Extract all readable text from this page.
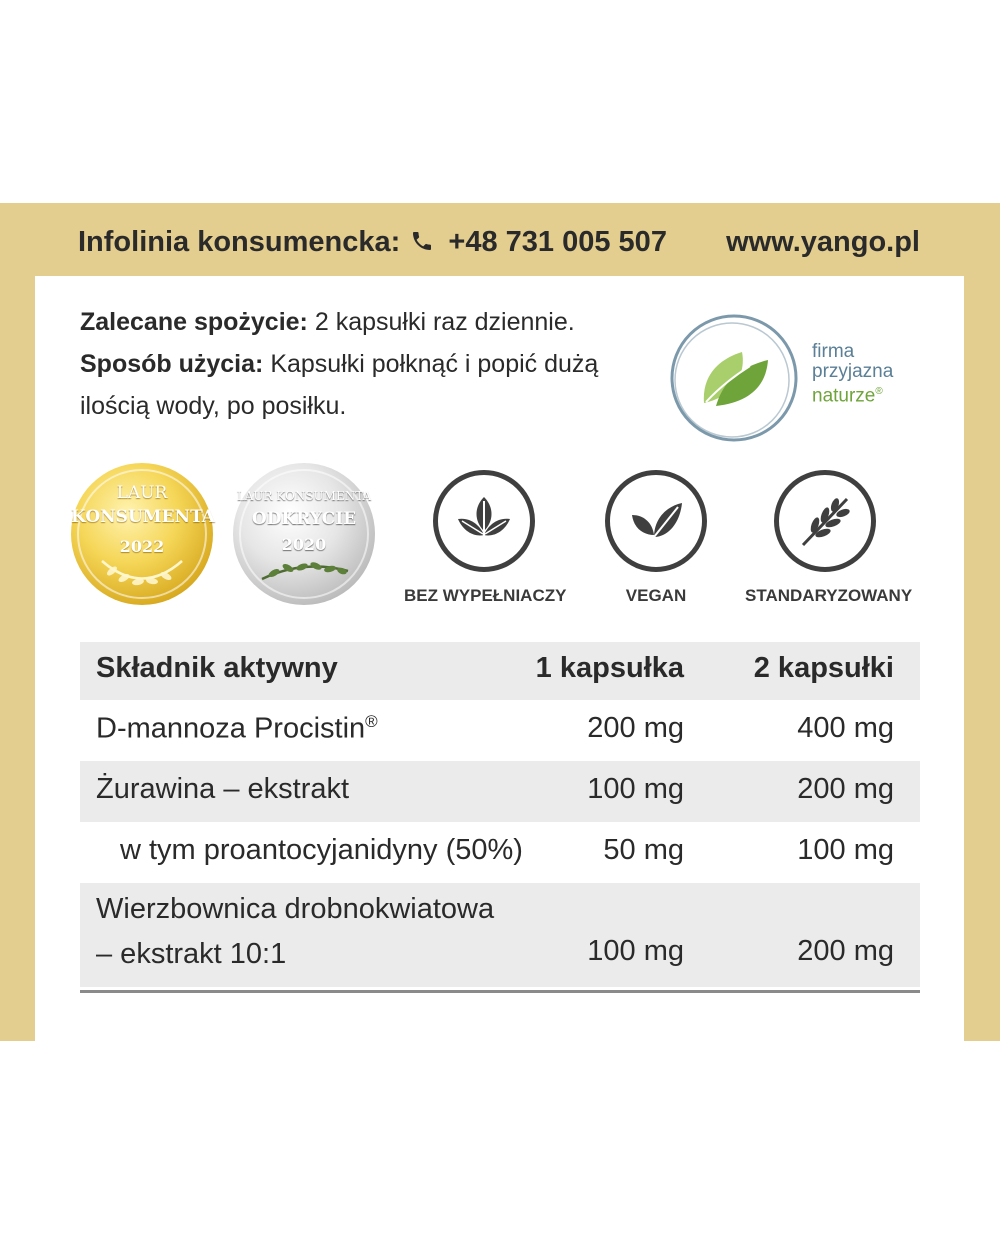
Infolinia konsumencka: +48 731 005 507 www.yango.pl
Zalecane spożycie: 2 kapsułki raz dziennie.
Sposób użycia: Kapsułki połknąć i popić dużą
ilością wody, po posiłku.
firma
przyjazna
naturze®
LAUR
KONSUMENTA
2022
LAUR KONSUMENTA
ODKRYCIE
2020
BEZ WYPEŁNIACZY	VEGAN	STANDARYZOWANY
Składnik aktywny	1 kapsułka 2 kapsułki
D-mannoza Procistin®	200 mg	400 mg
Żurawina – ekstrakt	100 mg	200 mg
w tym proantocyjanidyny (50%)	50 mg	100 mg
Wierzbownica drobnokwiatowa
– ekstrakt 10:1	100 mg	200 mg
